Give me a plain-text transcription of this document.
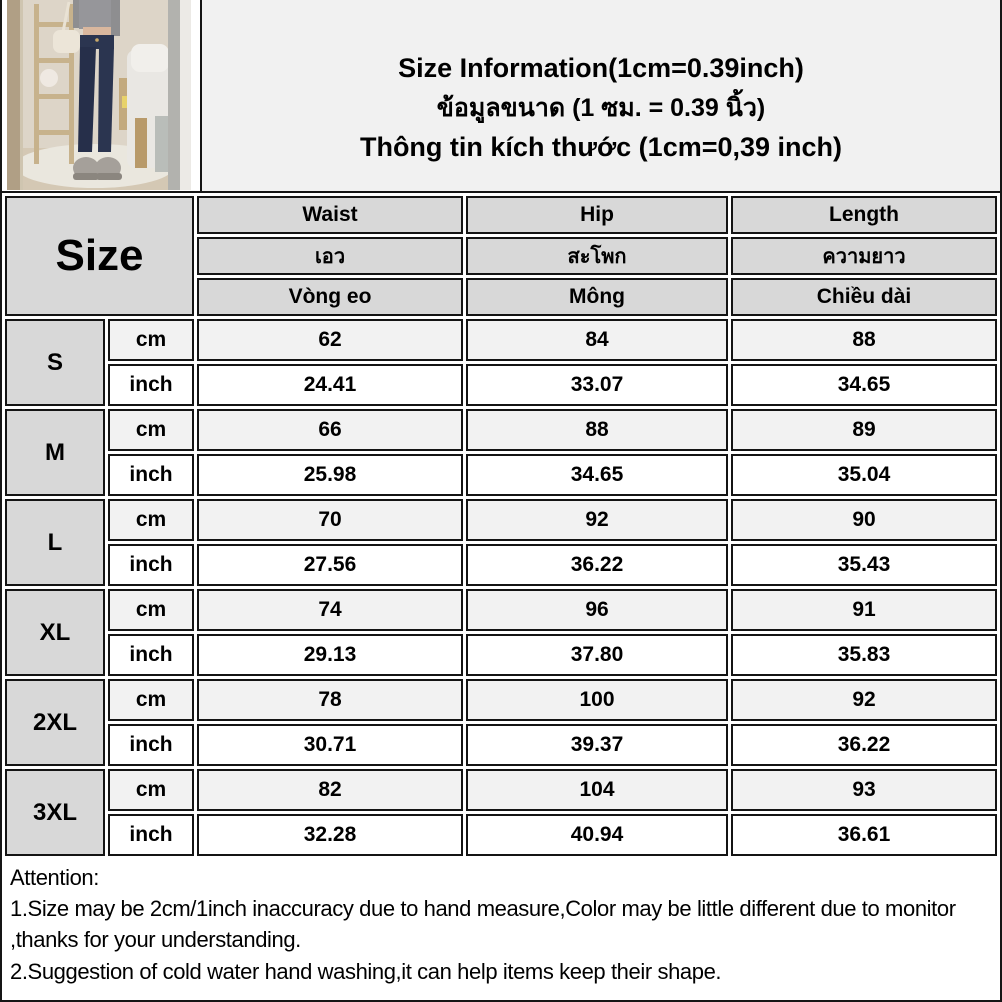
Size Information(1cm=0.39inch)
ข้อมูลขนาด (1 ซม. = 0.39 นิ้ว)
Thông tin kích thước (1cm=0,39 inch)
Size		Waist	Hip	Length
		เอว	สะโพก	ความยาว
		Vòng eo	Mông	Chiều dài
S	cm	62	84	88
	inch	24.41	33.07	34.65
M	cm	66	88	89
	inch	25.98	34.65	35.04
L	cm	70	92	90
	inch	27.56	36.22	35.43
XL	cm	74	96	91
	inch	29.13	37.80	35.83
2XL	cm	78	100	92
	inch	30.71	39.37	36.22
3XL	cm	82	104	93
	inch	32.28	40.94	36.61
Attention:
1.Size may be 2cm/1inch inaccuracy due to hand measure,Color may be little different due to monitor
,thanks for your understanding.
2.Suggestion of cold water hand washing,it can help items keep their shape.
